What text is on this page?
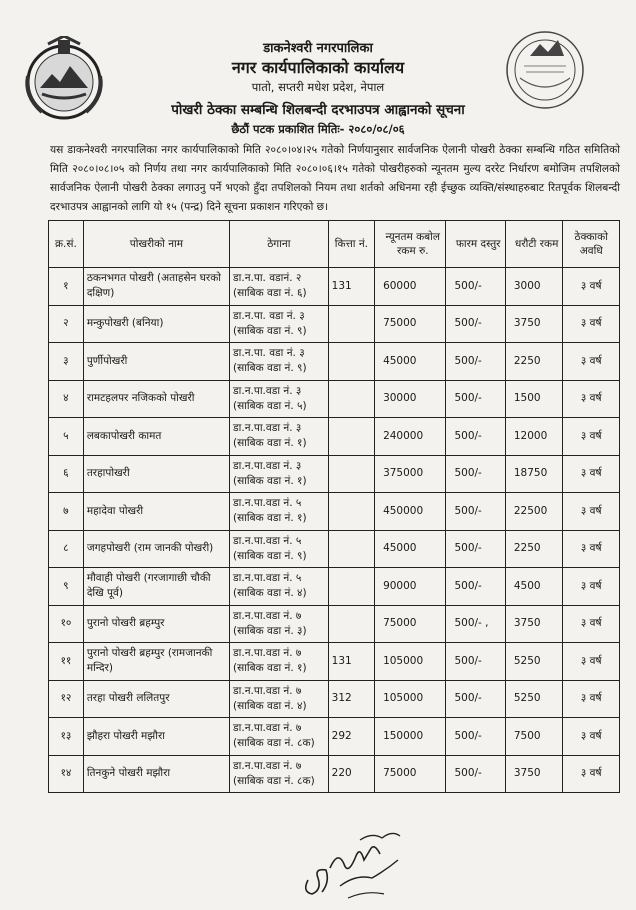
डाकनेश्वरी नगरपालिका
नगर कार्यपालिकाको कार्यालय
पातो, सप्तरी मधेश प्रदेश, नेपाल
पोखरी ठेक्का सम्बन्धि शिलबन्दी दरभाउपत्र आह्वानको सूचना
छैठौं पटक प्रकाशित मितिः- २०८०/०८/०६
यस डाकनेश्वरी नगरपालिका नगर कार्यपालिकाको मिति २०८०।०४।२५ गतेको निर्णयानुसार सार्वजनिक ऐलानी पोखरी ठेक्का सम्बन्धि गठित समितिको मिति २०८०।०८।०५ को निर्णय तथा नगर कार्यपालिकाको मिति २०८०।०६।१५ गतेको पोखरीहरुको न्यूनतम मुल्य दररेट निर्धारण बमोजिम तपशिलको सार्वजनिक ऐलानी पोखरी ठेक्का लगाउनु पर्ने भएको हुँदा तपशिलको नियम तथा शर्तको अधिनमा रही ईच्छुक व्यक्ति/संस्थाहरुबाट रितपूर्वक शिलबन्दी दरभाउपत्र आह्वानको लागि यो १५ (पन्द्र) दिने सूचना प्रकाशन गरिएको छ।
क्र.सं.	पोखरीको नाम	ठेगाना	कित्ता नं.	न्यूनतम कबोल रकम रु.	फारम दस्तुर	धरौटी रकम	ठेक्काको अवधि
१	ठकनभगत पोखरी (अताहसेन घरको दक्षिण)	डा.न.पा. वडानं. २
(साबिक वडा नं. ६)	131	60000	500/-	3000	३ वर्ष
२	मन्कुपोखरी (बनिया)	डा.न.पा. वडा नं. ३
(साबिक वडा नं. ९)		75000	500/-	3750	३ वर्ष
३	पुर्णीपोखरी	डा.न.पा. वडा नं. ३
(साबिक वडा नं. ९)		45000	500/-	2250	३ वर्ष
४	रामटहलपर नजिकको पोखरी	डा.न.पा.वडा नं. ३
(साबिक वडा नं. ५)		30000	500/-	1500	३ वर्ष
५	लबकापोखरी कामत	डा.न.पा.वडा नं. ३
(साबिक वडा नं. १)		240000	500/-	12000	३ वर्ष
६	तरहापोखरी	डा.न.पा.वडा नं. ३
(साबिक वडा नं. १)		375000	500/-	18750	३ वर्ष
७	महादेवा पोखरी	डा.न.पा.वडा नं. ५
(साबिक वडा नं. १)		450000	500/-	22500	३ वर्ष
८	जगहपोखरी (राम जानकी पोखरी)	डा.न.पा.वडा नं. ५
(साबिक वडा नं. ९)		45000	500/-	2250	३ वर्ष
९	मौवाही पोखरी (गरजागाछी चौकी देखि पूर्व)	डा.न.पा.वडा नं. ५
(साबिक वडा नं. ४)		90000	500/-	4500	३ वर्ष
१०	पुरानो पोखरी ब्रहम्पुर	डा.न.पा.वडा नं. ७
(साबिक वडा नं. ३)		75000	500/- ,	3750	३ वर्ष
११	पुरानो पोखरी ब्रहम्पुर (रामजानकी मन्दिर)	डा.न.पा.वडा नं. ७
(साबिक वडा नं. १)	131	105000	500/-	5250	३ वर्ष
१२	तरहा पोखरी ललितपुर	डा.न.पा.वडा नं. ७
(साबिक वडा नं. ४)	312	105000	500/-	5250	३ वर्ष
१३	झौहरा पोखरी मझौरा	डा.न.पा.वडा नं. ७
(साबिक वडा नं. ८क)	292	150000	500/-	7500	३ वर्ष
१४	तिनकुने पोखरी मझौरा	डा.न.पा.वडा नं. ७
(साबिक वडा नं. ८क)	220	75000	500/-	3750	३ वर्ष
